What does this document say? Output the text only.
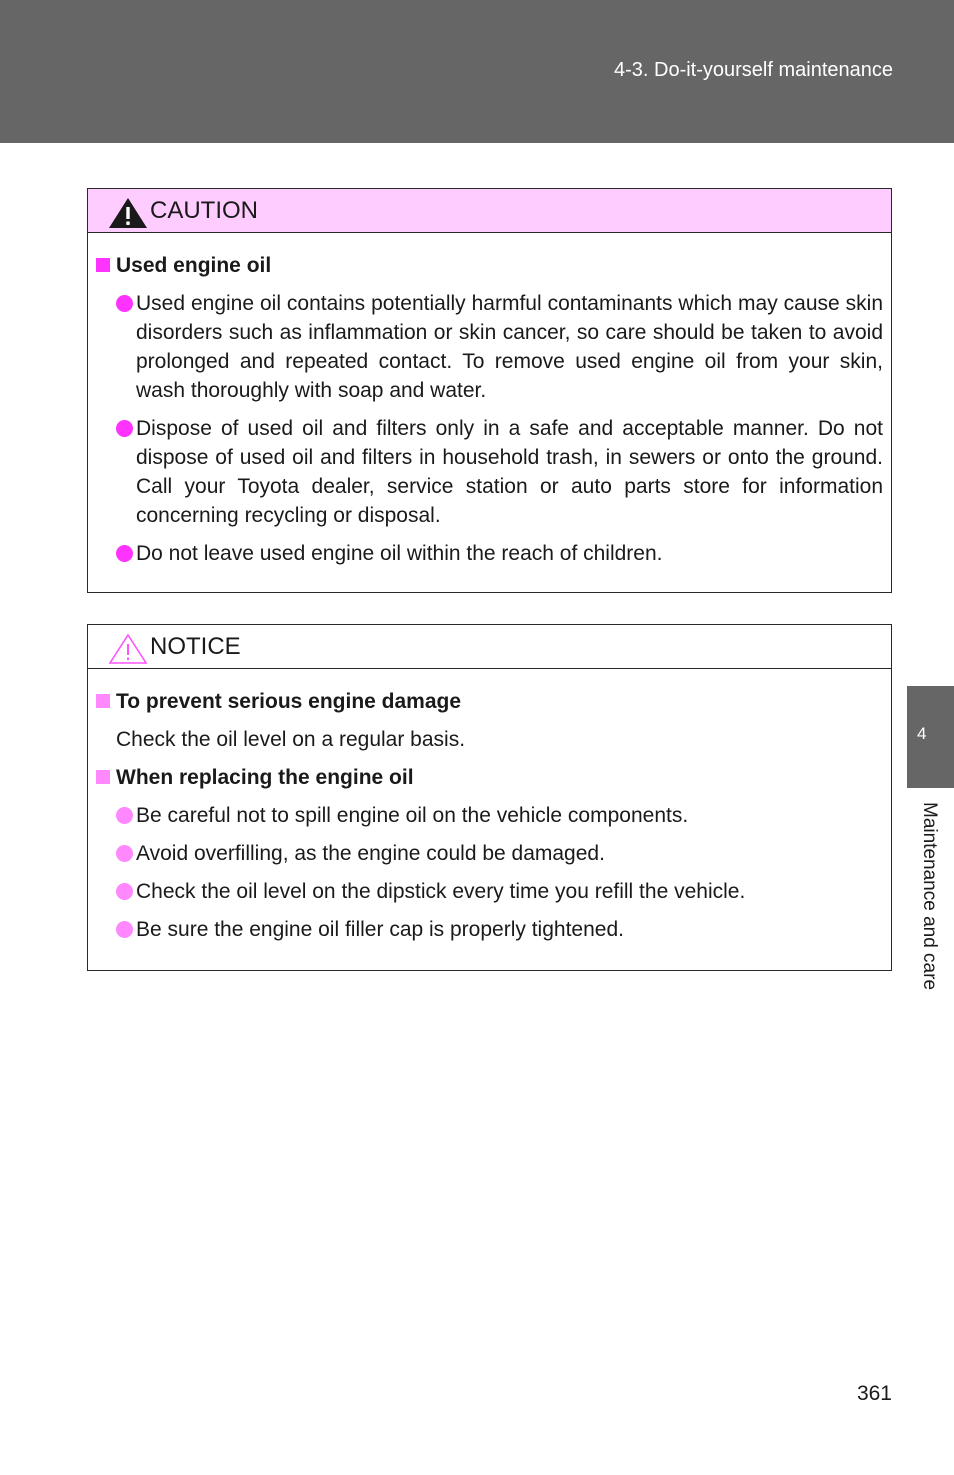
4-3. Do-it-yourself maintenance
4
Maintenance and care
CAUTION
Used engine oil
Used engine oil contains potentially harmful contaminants which may cause skin disorders such as inflammation or skin cancer, so care should be taken to avoid prolonged and repeated contact. To remove used engine oil from your skin, wash thoroughly with soap and water.
Dispose of used oil and filters only in a safe and acceptable manner. Do not dispose of used oil and filters in household trash, in sewers or onto the ground. Call your Toyota dealer, service station or auto parts store for information concerning recycling or disposal.
Do not leave used engine oil within the reach of children.
NOTICE
To prevent serious engine damage
Check the oil level on a regular basis.
When replacing the engine oil
Be careful not to spill engine oil on the vehicle components.
Avoid overfilling, as the engine could be damaged.
Check the oil level on the dipstick every time you refill the vehicle.
Be sure the engine oil filler cap is properly tightened.
361
